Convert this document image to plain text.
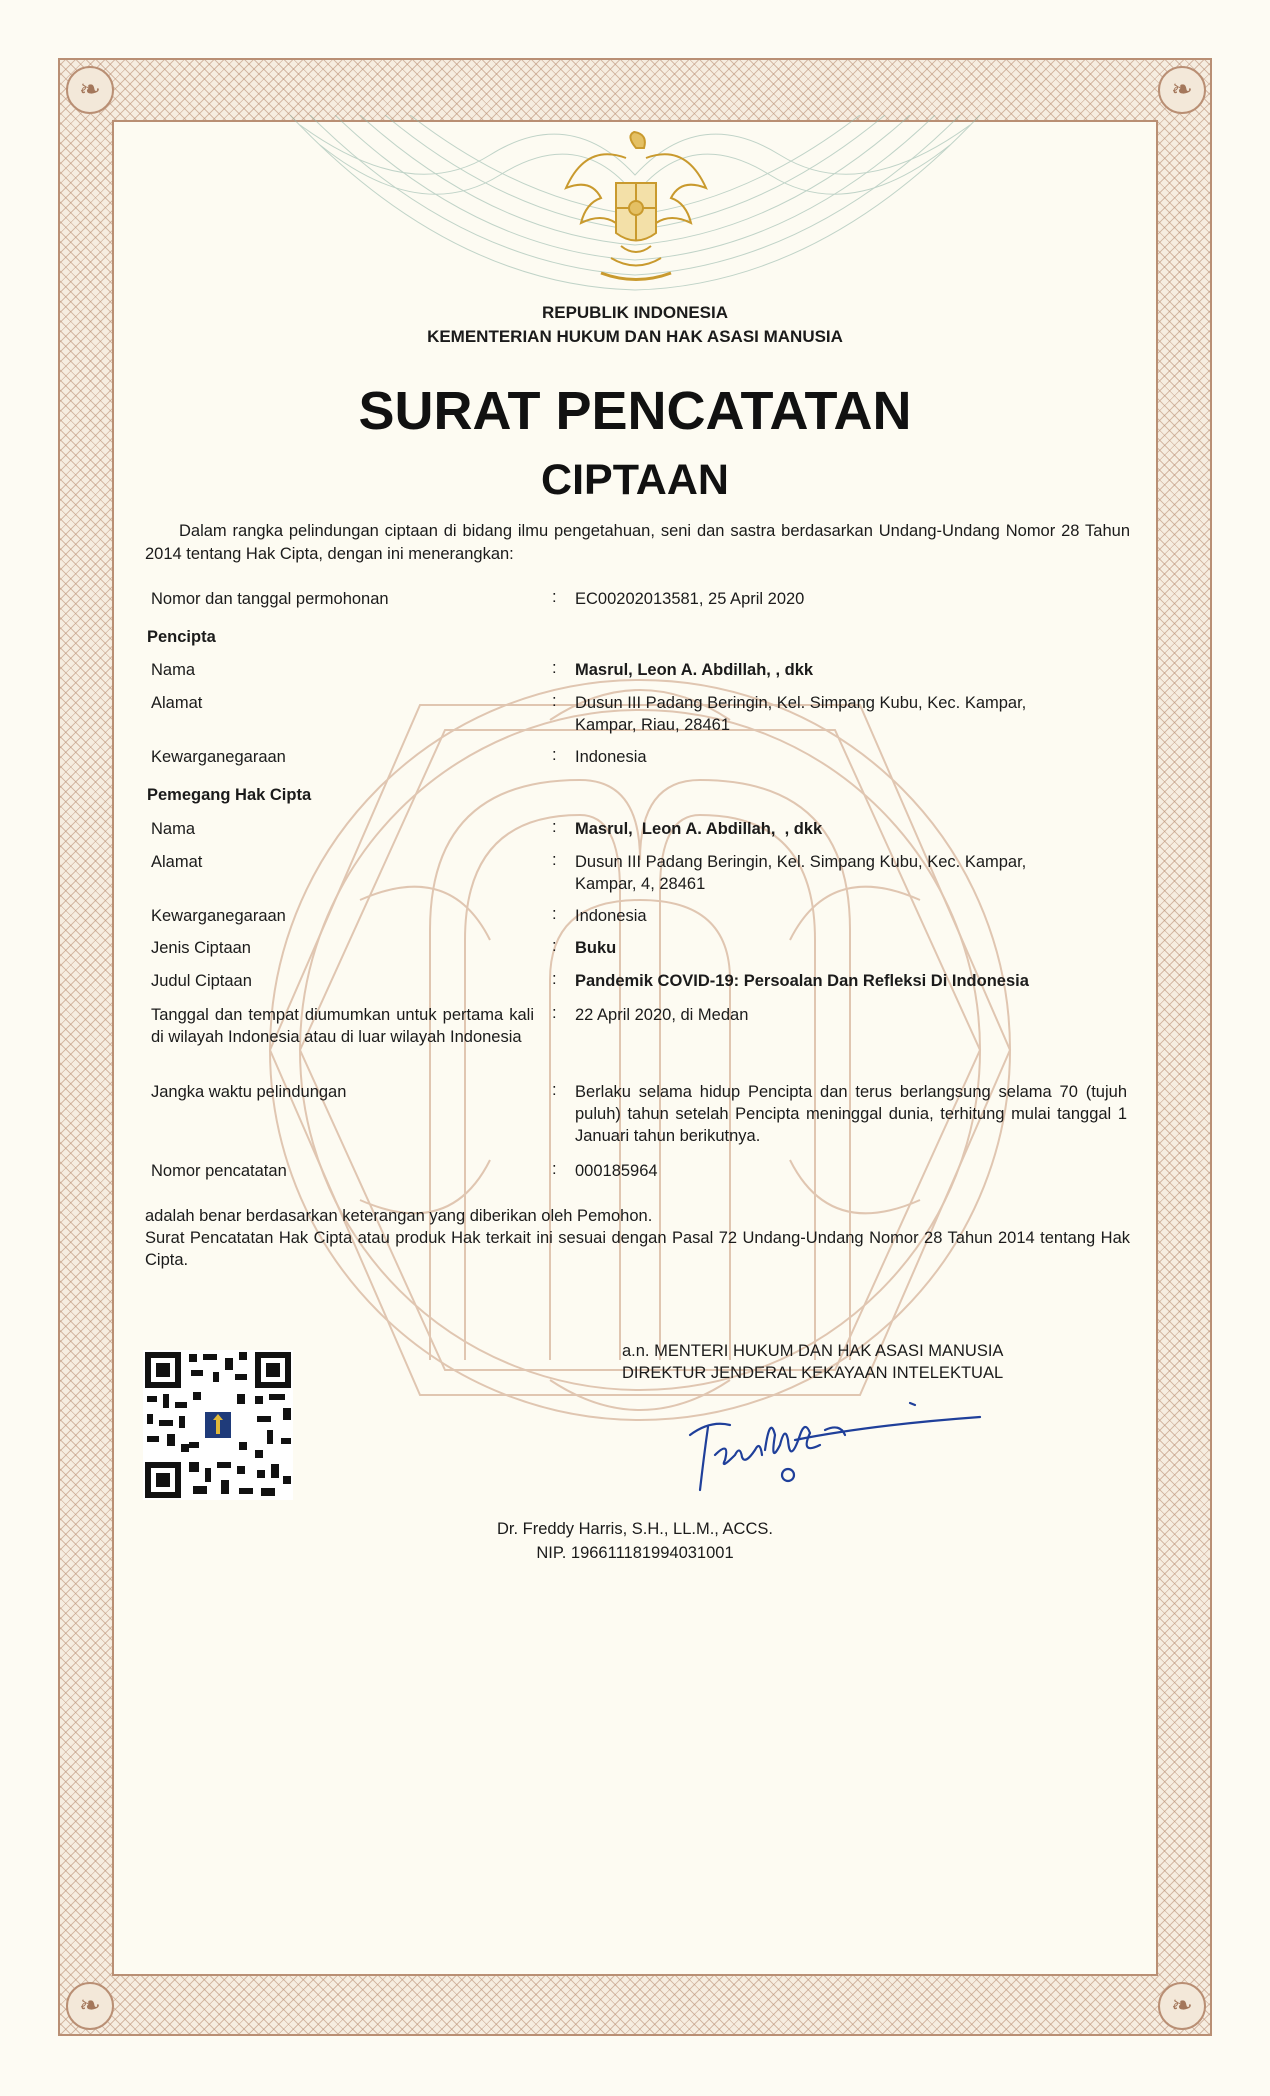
❧	❧
❧	❧
REPUBLIK INDONESIA
KEMENTERIAN HUKUM DAN HAK ASASI MANUSIA
SURAT PENCATATAN
CIPTAAN
Dalam rangka pelindungan ciptaan di bidang ilmu pengetahuan, seni dan sastra berdasarkan Undang-Undang Nomor 28 Tahun 2014 tentang Hak Cipta, dengan ini menerangkan:
Nomor dan tanggal permohonan	: EC00202013581, 25 April 2020
Pencipta
Nama	: Masrul, Leon A. Abdillah, , dkk
Alamat	: Dusun III Padang Beringin, Kel. Simpang Kubu, Kec. Kampar, Kampar, Riau, 28461
Kewarganegaraan	: Indonesia
Pemegang Hak Cipta
Nama	: Masrul,  Leon A. Abdillah,  , dkk
Alamat	: Dusun III Padang Beringin, Kel. Simpang Kubu, Kec. Kampar, Kampar, 4, 28461
Kewarganegaraan	: Indonesia
Jenis Ciptaan	: Buku
Judul Ciptaan	: Pandemik COVID-19: Persoalan Dan Refleksi Di Indonesia
Tanggal dan tempat diumumkan untuk pertama kali di wilayah Indonesia atau di luar wilayah Indonesia
: 22 April 2020, di Medan
Jangka waktu pelindungan	: Berlaku selama hidup Pencipta dan terus berlangsung selama 70 (tujuh puluh) tahun setelah Pencipta meninggal dunia, terhitung mulai tanggal 1 Januari tahun berikutnya.
Nomor pencatatan	: 000185964
adalah benar berdasarkan keterangan yang diberikan oleh Pemohon.
Surat Pencatatan Hak Cipta atau produk Hak terkait ini sesuai dengan Pasal 72 Undang-Undang Nomor 28 Tahun 2014 tentang Hak Cipta.
a.n. MENTERI HUKUM DAN HAK ASASI MANUSIA
DIREKTUR JENDERAL KEKAYAAN INTELEKTUAL
Dr. Freddy Harris, S.H., LL.M., ACCS.
NIP. 196611181994031001
